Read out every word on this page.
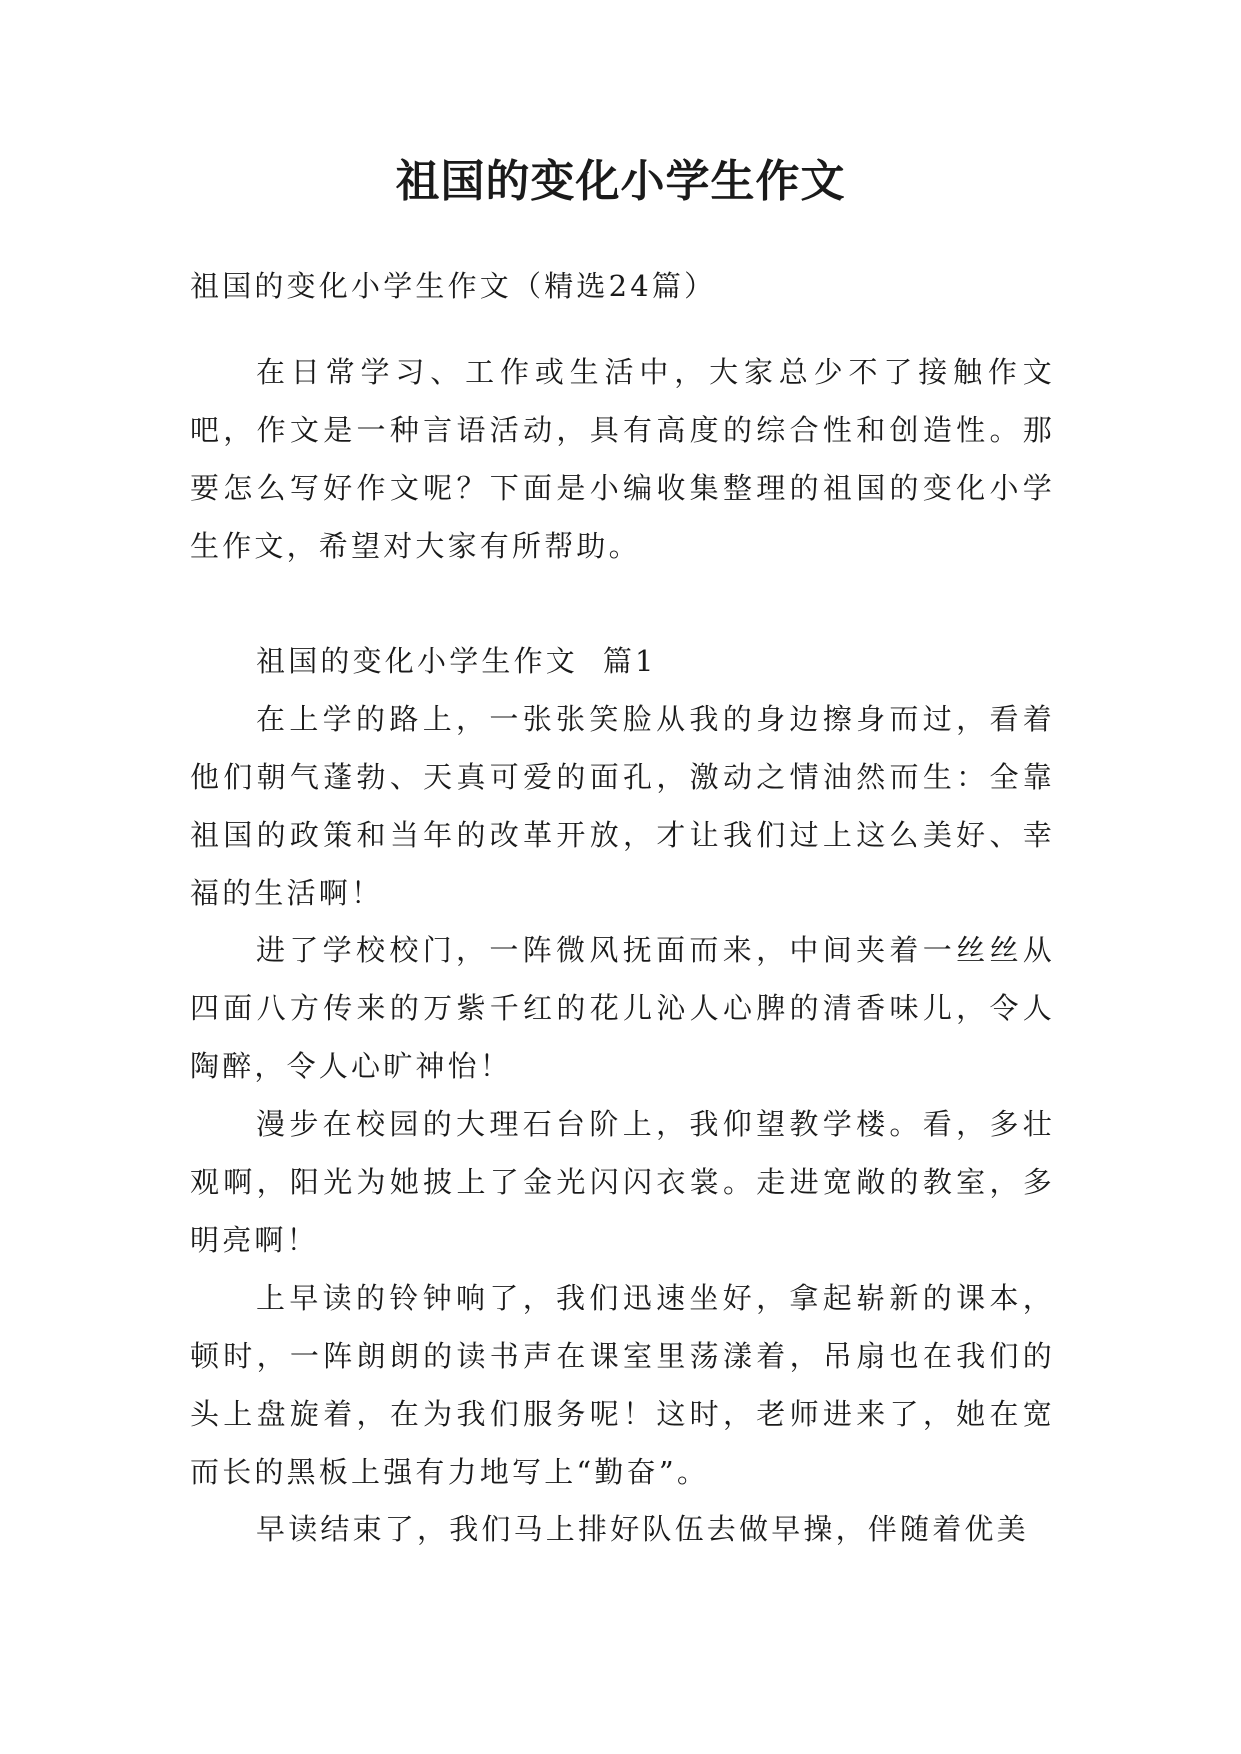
祖国的变化小学生作文
祖国的变化小学生作文（精选24篇）

在日常学习、工作或生活中，大家总少不了接触作文吧，作文是一种言语活动，具有高度的综合性和创造性。那要怎么写好作文呢？下面是小编收集整理的祖国的变化小学生作文，希望对大家有所帮助。

祖国的变化小学生作文  篇1

在上学的路上，一张张笑脸从我的身边擦身而过，看着他们朝气蓬勃、天真可爱的面孔，激动之情油然而生：全靠祖国的政策和当年的改革开放，才让我们过上这么美好、幸福的生活啊！

进了学校校门，一阵微风抚面而来，中间夹着一丝丝从四面八方传来的万紫千红的花儿沁人心脾的清香味儿，令人陶醉，令人心旷神怡！

漫步在校园的大理石台阶上，我仰望教学楼。看，多壮观啊，阳光为她披上了金光闪闪衣裳。走进宽敞的教室，多明亮啊！

上早读的铃钟响了，我们迅速坐好，拿起崭新的课本，顿时，一阵朗朗的读书声在课室里荡漾着，吊扇也在我们的头上盘旋着，在为我们服务呢！这时，老师进来了，她在宽而长的黑板上强有力地写上“勤奋”。

早读结束了，我们马上排好队伍去做早操，伴随着优美
